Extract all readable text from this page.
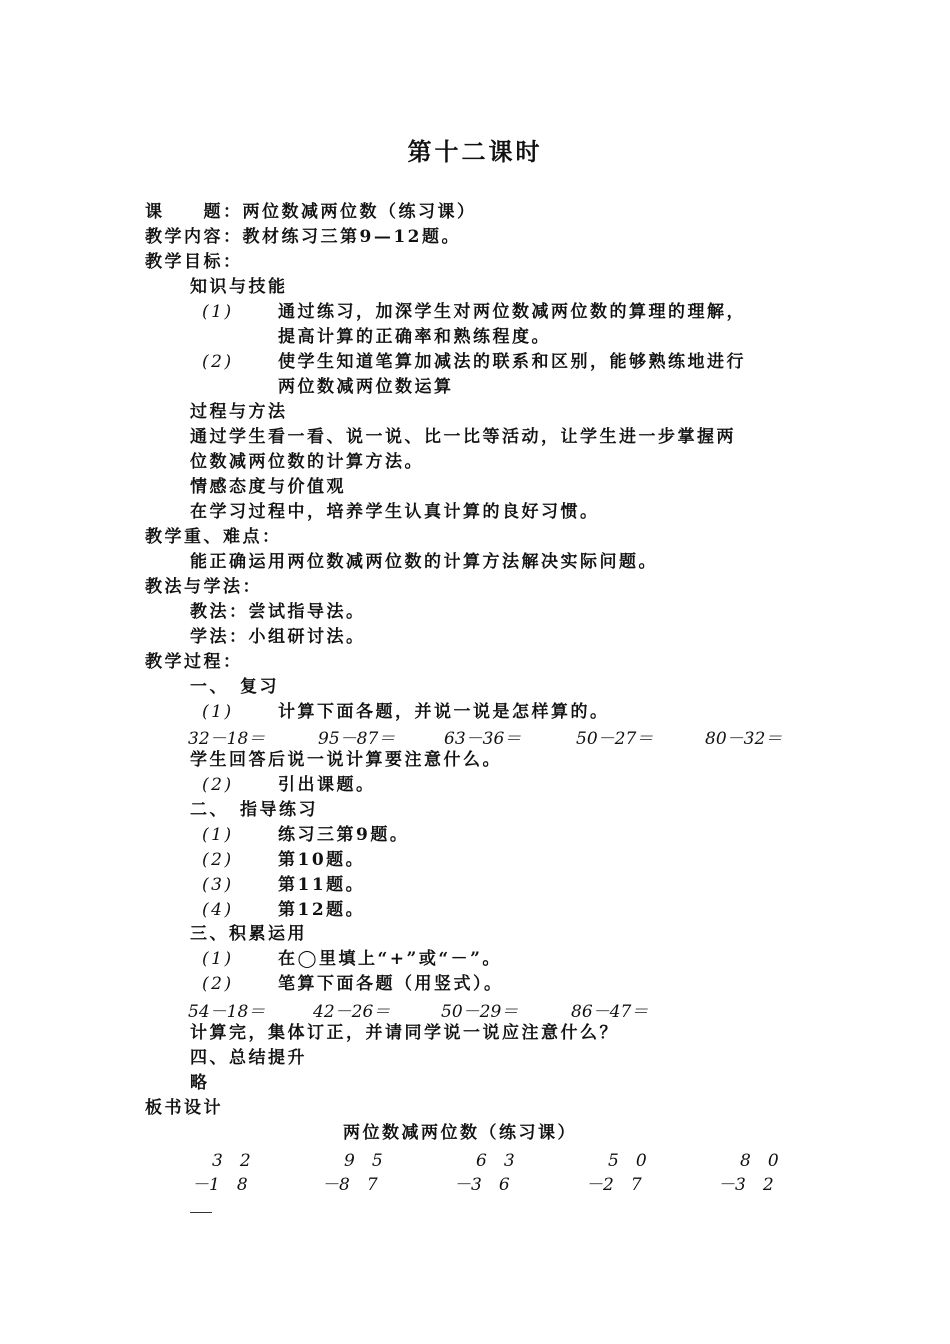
第十二课时
课　　题：两位数减两位数（练习课）
教学内容：教材练习三第9—12题。
教学目标：
知识与技能
(1)	通过练习，加深学生对两位数减两位数的算理的理解，
提高计算的正确率和熟练程度。
(2)	使学生知道笔算加减法的联系和区别，能够熟练地进行
两位数减两位数运算
过程与方法
通过学生看一看、说一说、比一比等活动，让学生进一步掌握两
位数减两位数的计算方法。
情感态度与价值观
在学习过程中，培养学生认真计算的良好习惯。
教学重、难点：
能正确运用两位数减两位数的计算方法解决实际问题。
教法与学法：
教法：尝试指导法。
学法：小组研讨法。
教学过程：
一、　复习
(1)	计算下面各题，并说一说是怎样算的。
32－18＝	95－87＝	63－36＝	50－27＝	80－32＝
学生回答后说一说计算要注意什么。
(2)	引出课题。
二、　指导练习
(1)	练习三第9题。
(2)	第10题。
(3)	第11题。
(4)	第12题。
三、积累运用
(1)	在◯里填上“+”或“－”。
(2)	笔算下面各题（用竖式）。
54－18＝	42－26＝	50－29＝	86－47＝
计算完，集体订正，并请同学说一说应注意什么？
四、总结提升
略
板书设计
两位数减两位数（练习课）
3　2	9　5	6　3	5　0	8　0
－1　8	－8　7	－3　6	－2　7	－3　2
